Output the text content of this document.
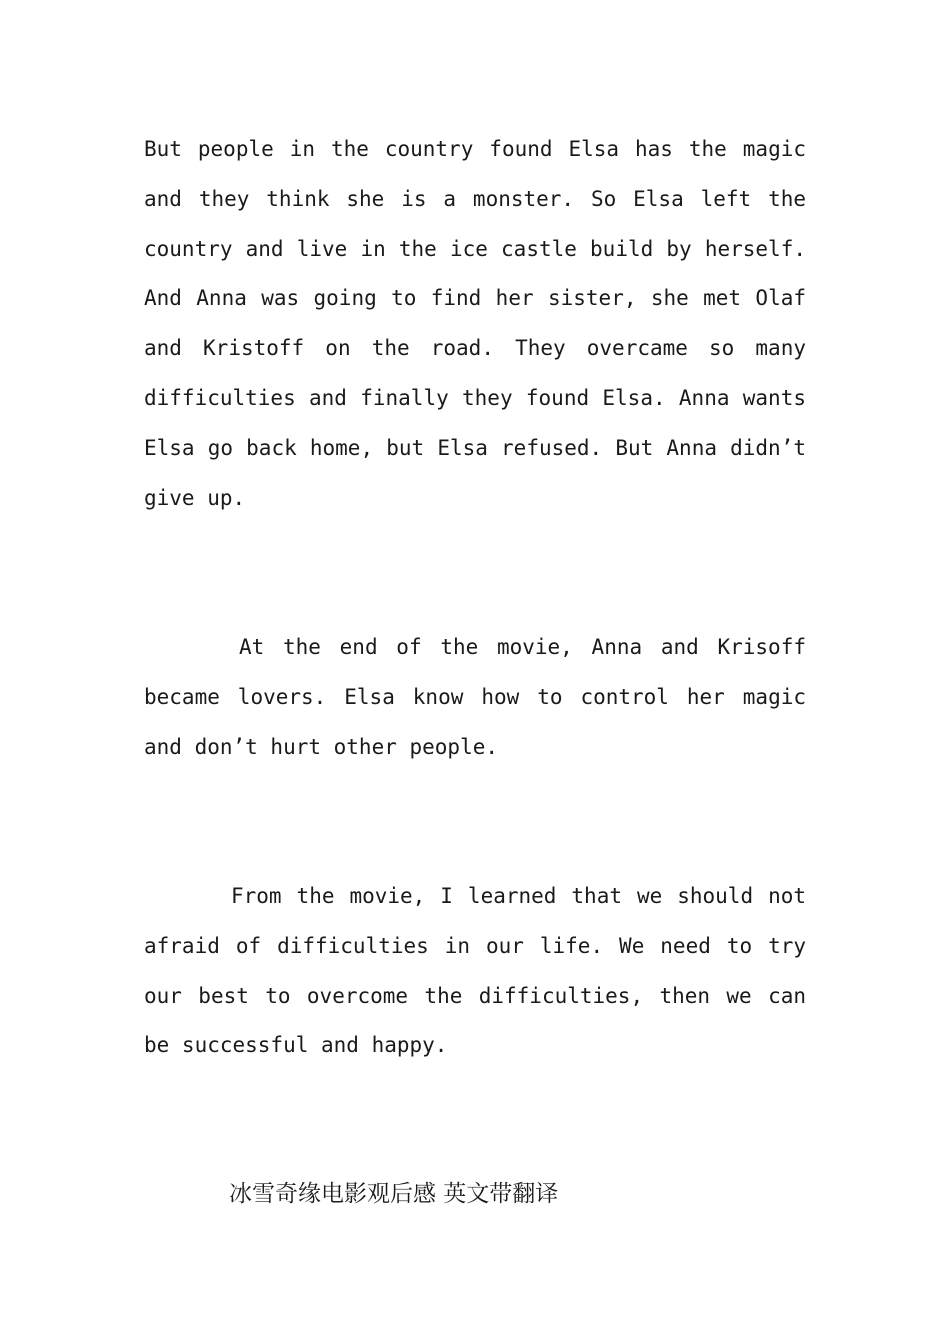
But people in the country found Elsa has the magic and they think she is a monster. So Elsa left the country and live in the ice castle build by herself. And Anna was going to find her sister, she met Olaf and Kristoff on the road. They overcame so many difficulties and finally they found Elsa. Anna wants Elsa go back home, but Elsa refused. But Anna didn’t give up.

At the end of the movie, Anna and Krisoff became lovers. Elsa know how to control her magic and don’t hurt other people.

From the movie, I learned that we should not afraid of difficulties in our life. We need to try our best to overcome the difficulties, then we can be successful and happy.

冰雪奇缘电影观后感 英文带翻译
